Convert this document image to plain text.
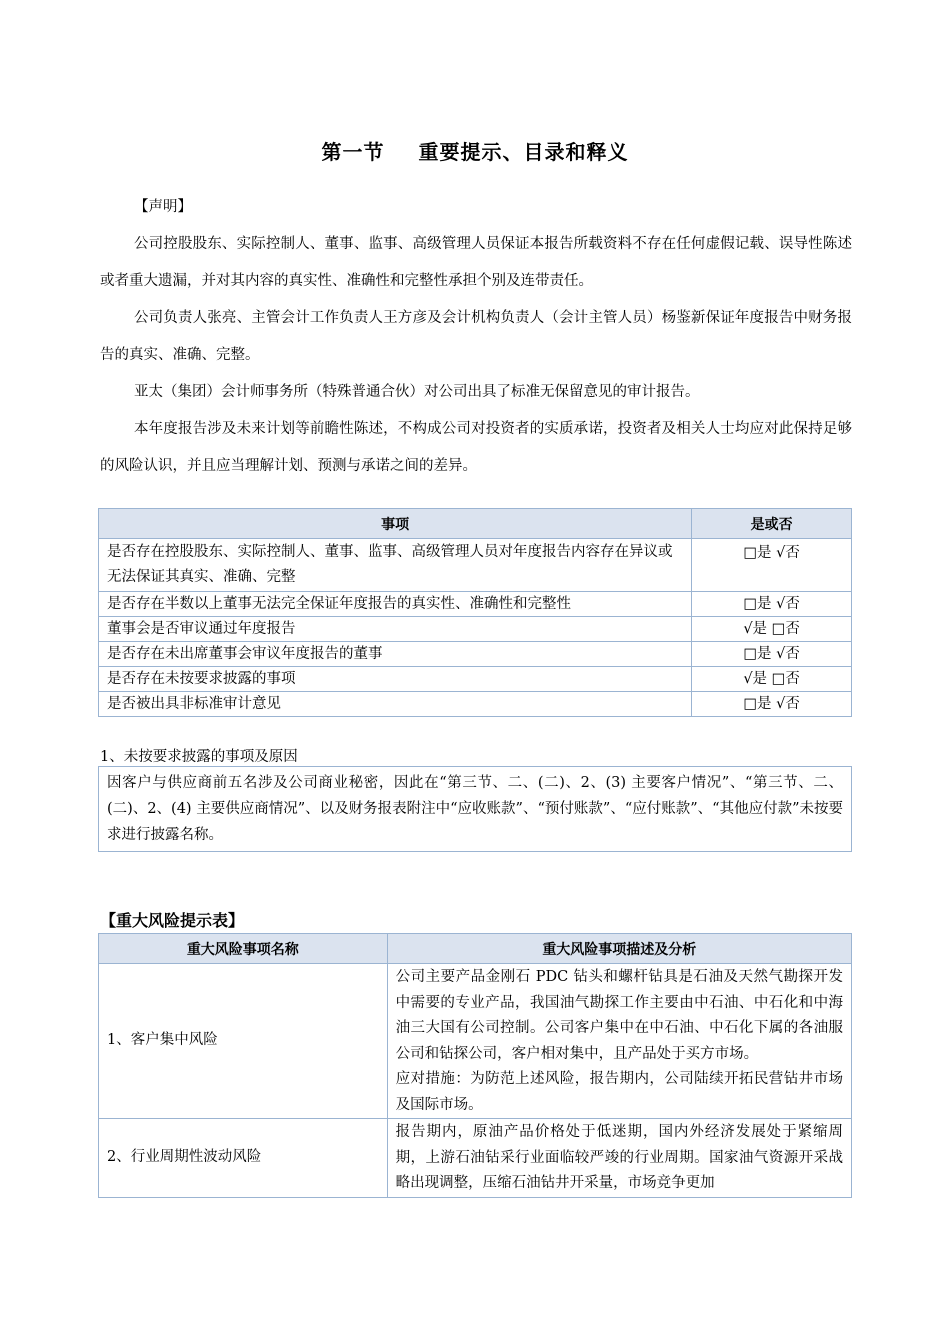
第一节 重要提示、目录和释义
【声明】
公司控股股东、实际控制人、董事、监事、高级管理人员保证本报告所载资料不存在任何虚假记载、误导性陈述或者重大遗漏，并对其内容的真实性、准确性和完整性承担个别及连带责任。
公司负责人张亮、主管会计工作负责人王方彦及会计机构负责人（会计主管人员）杨鉴新保证年度报告中财务报告的真实、准确、完整。
亚太（集团）会计师事务所（特殊普通合伙）对公司出具了标准无保留意见的审计报告。
本年度报告涉及未来计划等前瞻性陈述，不构成公司对投资者的实质承诺，投资者及相关人士均应对此保持足够的风险认识，并且应当理解计划、预测与承诺之间的差异。
事项	是或否
是否存在控股股东、实际控制人、董事、监事、高级管理人员对年度报告内容存在异议或无法保证其真实、准确、完整	□是 √否
是否存在半数以上董事无法完全保证年度报告的真实性、准确性和完整性	□是 √否
董事会是否审议通过年度报告	√是 □否
是否存在未出席董事会审议年度报告的董事	□是 √否
是否存在未按要求披露的事项	√是 □否
是否被出具非标准审计意见	□是 √否
1、未按要求披露的事项及原因
因客户与供应商前五名涉及公司商业秘密，因此在“第三节、二、(二)、2、(3) 主要客户情况”、“第三节、二、(二)、2、(4) 主要供应商情况”、以及财务报表附注中“应收账款”、“预付账款”、“应付账款”、“其他应付款”未按要求进行披露名称。
【重大风险提示表】
重大风险事项名称	重大风险事项描述及分析
1、客户集中风险	公司主要产品金刚石 PDC 钻头和螺杆钻具是石油及天然气勘探开发中需要的专业产品，我国油气勘探工作主要由中石油、中石化和中海油三大国有公司控制。公司客户集中在中石油、中石化下属的各油服公司和钻探公司，客户相对集中，且产品处于买方市场。
应对措施：为防范上述风险，报告期内，公司陆续开拓民营钻井市场及国际市场。

2、行业周期性波动风险	报告期内，原油产品价格处于低迷期，国内外经济发展处于紧缩周期，上游石油钻采行业面临较严竣的行业周期。国家油气资源开采战略出现调整，压缩石油钻井开采量，市场竞争更加
